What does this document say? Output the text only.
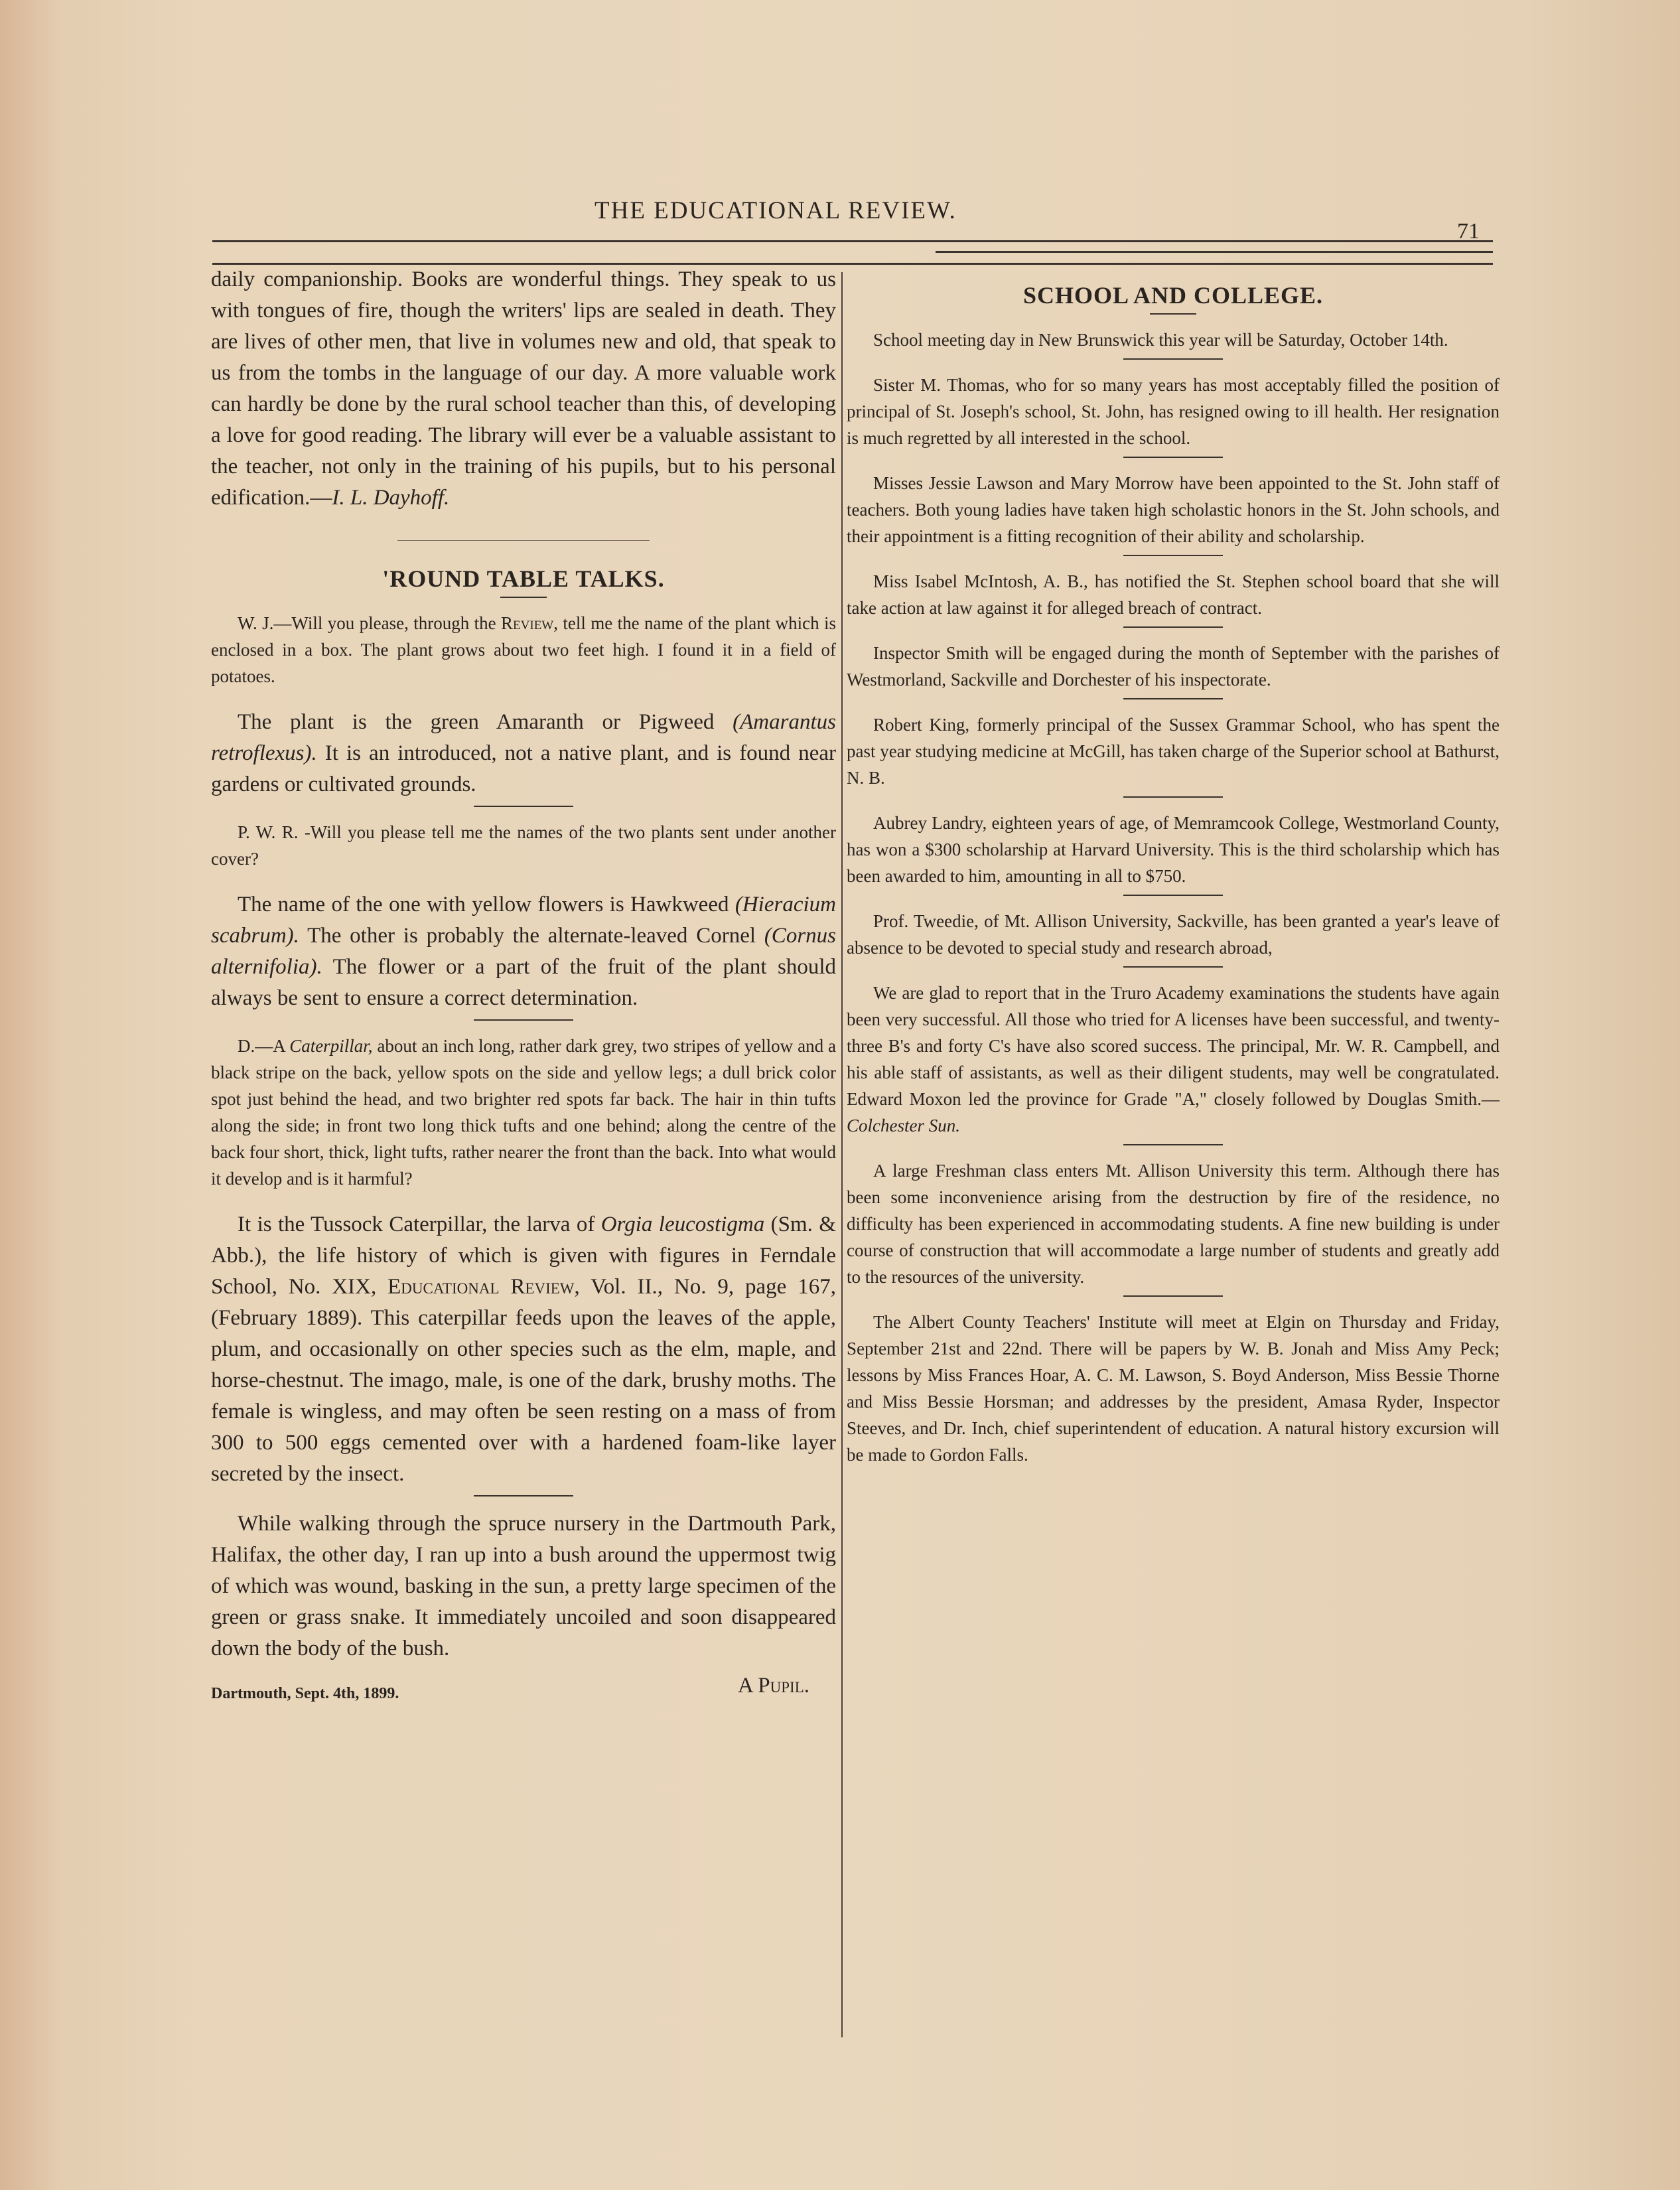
THE EDUCATIONAL REVIEW.
71

daily companionship. Books are wonderful things. They speak to us with tongues of fire, though the writers' lips are sealed in death. They are lives of other men, that live in volumes new and old, that speak to us from the tombs in the language of our day. A more valuable work can hardly be done by the rural school teacher than this, of developing a love for good reading. The library will ever be a valuable assistant to the teacher, not only in the training of his pupils, but to his personal edification.—I. L. Dayhoff.

'ROUND TABLE TALKS.

W. J.—Will you please, through the Review, tell me the name of the plant which is enclosed in a box. The plant grows about two feet high. I found it in a field of potatoes.

The plant is the green Amaranth or Pigweed (Amarantus retroflexus). It is an introduced, not a native plant, and is found near gardens or cultivated grounds.

P. W. R. -Will you please tell me the names of the two plants sent under another cover?

The name of the one with yellow flowers is Hawkweed (Hieracium scabrum). The other is probably the alternate-leaved Cornel (Cornus alternifolia). The flower or a part of the fruit of the plant should always be sent to ensure a correct determination.

D.—A Caterpillar, about an inch long, rather dark grey, two stripes of yellow and a black stripe on the back, yellow spots on the side and yellow legs; a dull brick color spot just behind the head, and two brighter red spots far back. The hair in thin tufts along the side; in front two long thick tufts and one behind; along the centre of the back four short, thick, light tufts, rather nearer the front than the back. Into what would it develop and is it harmful?

It is the Tussock Caterpillar, the larva of Orgia leucostigma (Sm. & Abb.), the life history of which is given with figures in Ferndale School, No. XIX, Educational Review, Vol. II., No. 9, page 167, (February 1889). This caterpillar feeds upon the leaves of the apple, plum, and occasionally on other species such as the elm, maple, and horse-chestnut. The imago, male, is one of the dark, brushy moths. The female is wingless, and may often be seen resting on a mass of from 300 to 500 eggs cemented over with a hardened foam-like layer secreted by the insect.

While walking through the spruce nursery in the Dartmouth Park, Halifax, the other day, I ran up into a bush around the uppermost twig of which was wound, basking in the sun, a pretty large specimen of the green or grass snake. It immediately uncoiled and soon disappeared down the body of the bush.

A Pupil.
Dartmouth, Sept. 4th, 1899.
SCHOOL AND COLLEGE.

School meeting day in New Brunswick this year will be Saturday, October 14th.

Sister M. Thomas, who for so many years has most acceptably filled the position of principal of St. Joseph's school, St. John, has resigned owing to ill health. Her resignation is much regretted by all interested in the school.

Misses Jessie Lawson and Mary Morrow have been appointed to the St. John staff of teachers. Both young ladies have taken high scholastic honors in the St. John schools, and their appointment is a fitting recognition of their ability and scholarship.

Miss Isabel McIntosh, A. B., has notified the St. Stephen school board that she will take action at law against it for alleged breach of contract.

Inspector Smith will be engaged during the month of September with the parishes of Westmorland, Sackville and Dorchester of his inspectorate.

Robert King, formerly principal of the Sussex Grammar School, who has spent the past year studying medicine at McGill, has taken charge of the Superior school at Bathurst, N. B.

Aubrey Landry, eighteen years of age, of Memramcook College, Westmorland County, has won a $300 scholarship at Harvard University. This is the third scholarship which has been awarded to him, amounting in all to $750.

Prof. Tweedie, of Mt. Allison University, Sackville, has been granted a year's leave of absence to be devoted to special study and research abroad,

We are glad to report that in the Truro Academy examinations the students have again been very successful. All those who tried for A licenses have been successful, and twenty-three B's and forty C's have also scored success. The principal, Mr. W. R. Campbell, and his able staff of assistants, as well as their diligent students, may well be congratulated. Edward Moxon led the province for Grade "A," closely followed by Douglas Smith.—Colchester Sun.

A large Freshman class enters Mt. Allison University this term. Although there has been some inconvenience arising from the destruction by fire of the residence, no difficulty has been experienced in accommodating students. A fine new building is under course of construction that will accommodate a large number of students and greatly add to the resources of the university.

The Albert County Teachers' Institute will meet at Elgin on Thursday and Friday, September 21st and 22nd. There will be papers by W. B. Jonah and Miss Amy Peck; lessons by Miss Frances Hoar, A. C. M. Lawson, S. Boyd Anderson, Miss Bessie Thorne and Miss Bessie Horsman; and addresses by the president, Amasa Ryder, Inspector Steeves, and Dr. Inch, chief superintendent of education. A natural history excursion will be made to Gordon Falls.
